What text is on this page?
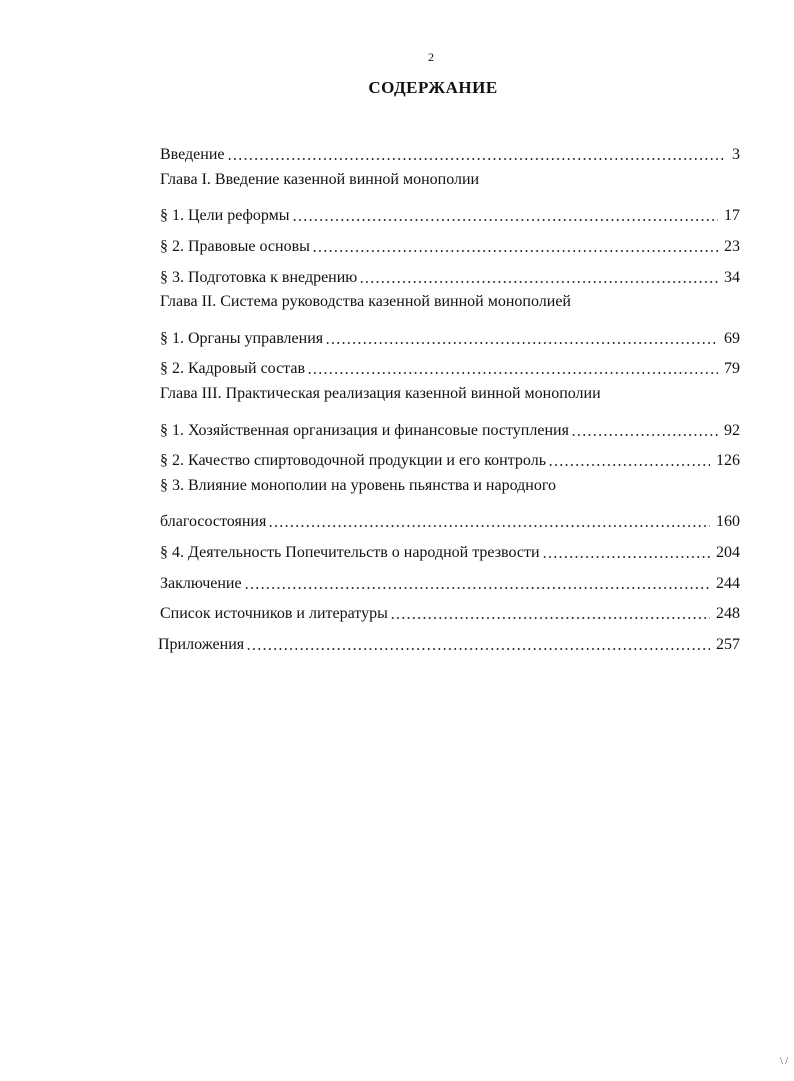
2
СОДЕРЖАНИЕ
Введение	3
Глава I. Введение казенной винной монополии
§ 1. Цели реформы	17
§ 2. Правовые основы	23
§ 3. Подготовка к внедрению	34
Глава II. Система руководства казенной винной монополией
§ 1. Органы управления	69
§ 2. Кадровый состав	79
Глава III. Практическая реализация казенной винной монополии
§ 1. Хозяйственная организация и финансовые поступления	92
§ 2. Качество спиртоводочной продукции и его контроль	126
§ 3. Влияние монополии на уровень пьянства и народного
благосостояния	160
§ 4. Деятельность Попечительств о народной трезвости	204
Заключение	244
Список источников и литературы	248
Приложения	257
\ /
